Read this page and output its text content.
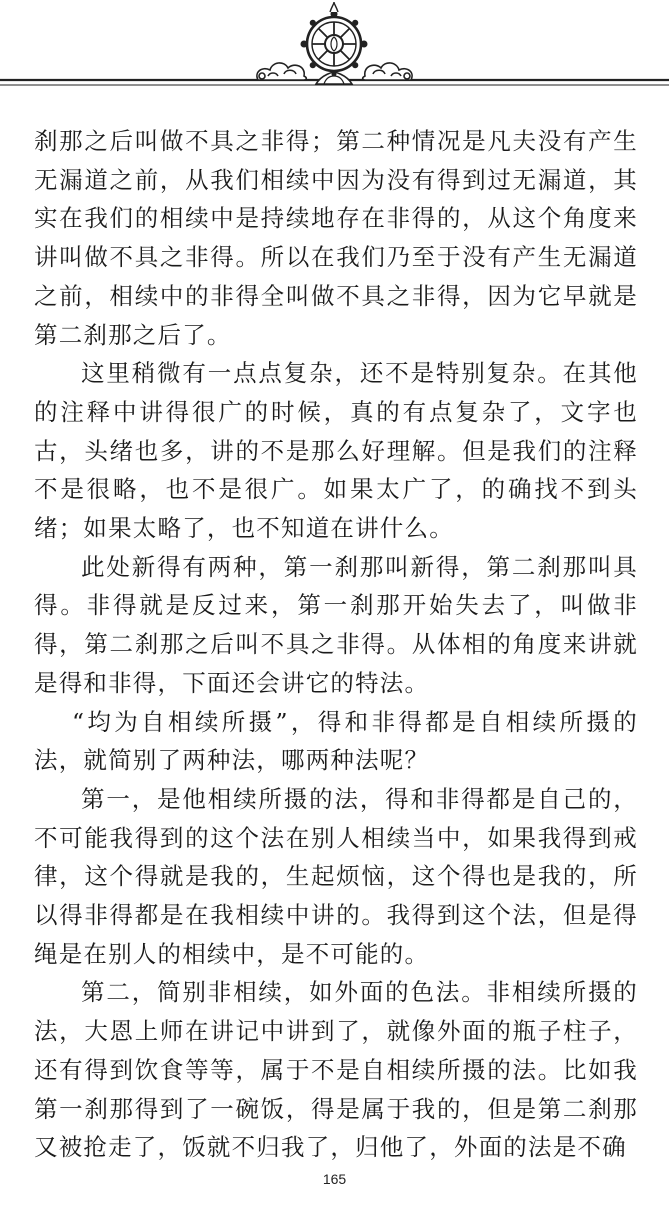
刹那之后叫做不具之非得；第二种情况是凡夫没有产生无漏道之前，从我们相续中因为没有得到过无漏道，其实在我们的相续中是持续地存在非得的，从这个角度来讲叫做不具之非得。所以在我们乃至于没有产生无漏道之前，相续中的非得全叫做不具之非得，因为它早就是第二刹那之后了。

这里稍微有一点点复杂，还不是特别复杂。在其他的注释中讲得很广的时候，真的有点复杂了，文字也古，头绪也多，讲的不是那么好理解。但是我们的注释不是很略，也不是很广。如果太广了，的确找不到头绪；如果太略了，也不知道在讲什么。

此处新得有两种，第一刹那叫新得，第二刹那叫具得。非得就是反过来，第一刹那开始失去了，叫做非得，第二刹那之后叫不具之非得。从体相的角度来讲就是得和非得，下面还会讲它的特法。

“均为自相续所摄”，得和非得都是自相续所摄的法，就简别了两种法，哪两种法呢？

第一，是他相续所摄的法，得和非得都是自己的，不可能我得到的这个法在别人相续当中，如果我得到戒律，这个得就是我的，生起烦恼，这个得也是我的，所以得非得都是在我相续中讲的。我得到这个法，但是得绳是在别人的相续中，是不可能的。

第二，简别非相续，如外面的色法。非相续所摄的法，大恩上师在讲记中讲到了，就像外面的瓶子柱子，还有得到饮食等等，属于不是自相续所摄的法。比如我第一刹那得到了一碗饭，得是属于我的，但是第二刹那又被抢走了，饭就不归我了，归他了，外面的法是不确

165
